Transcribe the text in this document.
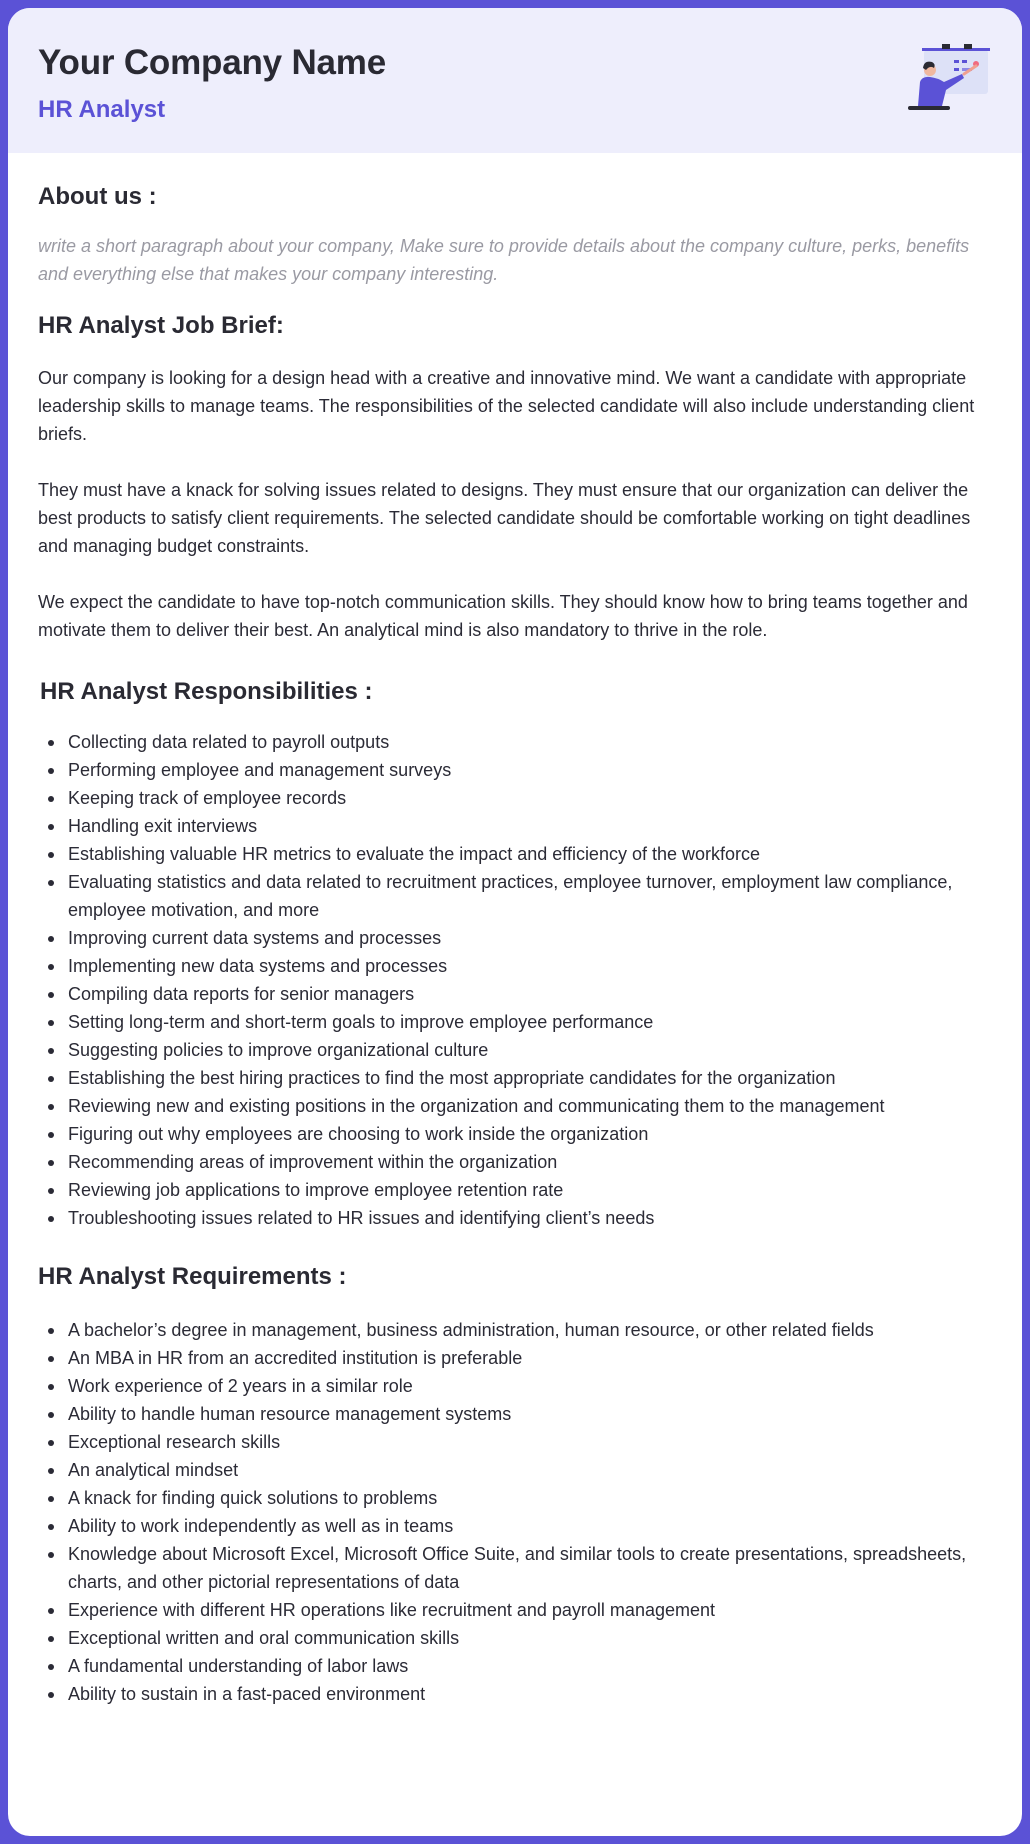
Your Company Name
HR Analyst
About us :

write a short paragraph about your company, Make sure to provide details about the company culture, perks, benefits and everything else that makes your company interesting.

HR Analyst Job Brief:

Our company is looking for a design head with a creative and innovative mind. We want a candidate with appropriate leadership skills to manage teams. The responsibilities of the selected candidate will also include understanding client briefs.

They must have a knack for solving issues related to designs. They must ensure that our organization can deliver the best products to satisfy client requirements. The selected candidate should be comfortable working on tight deadlines and managing budget constraints.

We expect the candidate to have top-notch communication skills. They should know how to bring teams together and motivate them to deliver their best. An analytical mind is also mandatory to thrive in the role.

HR Analyst Responsibilities :
Collecting data related to payroll outputs
Performing employee and management surveys
Keeping track of employee records
Handling exit interviews
Establishing valuable HR metrics to evaluate the impact and efficiency of the workforce
Evaluating statistics and data related to recruitment practices, employee turnover, employment law compliance, employee motivation, and more
Improving current data systems and processes
Implementing new data systems and processes
Compiling data reports for senior managers
Setting long-term and short-term goals to improve employee performance
Suggesting policies to improve organizational culture
Establishing the best hiring practices to find the most appropriate candidates for the organization
Reviewing new and existing positions in the organization and communicating them to the management
Figuring out why employees are choosing to work inside the organization
Recommending areas of improvement within the organization
Reviewing job applications to improve employee retention rate
Troubleshooting issues related to HR issues and identifying client’s needs
HR Analyst Requirements :
A bachelor’s degree in management, business administration, human resource, or other related fields
An MBA in HR from an accredited institution is preferable
Work experience of 2 years in a similar role
Ability to handle human resource management systems
Exceptional research skills
An analytical mindset
A knack for finding quick solutions to problems
Ability to work independently as well as in teams
Knowledge about Microsoft Excel, Microsoft Office Suite, and similar tools to create presentations, spreadsheets, charts, and other pictorial representations of data
Experience with different HR operations like recruitment and payroll management
Exceptional written and oral communication skills
A fundamental understanding of labor laws
Ability to sustain in a fast-paced environment
